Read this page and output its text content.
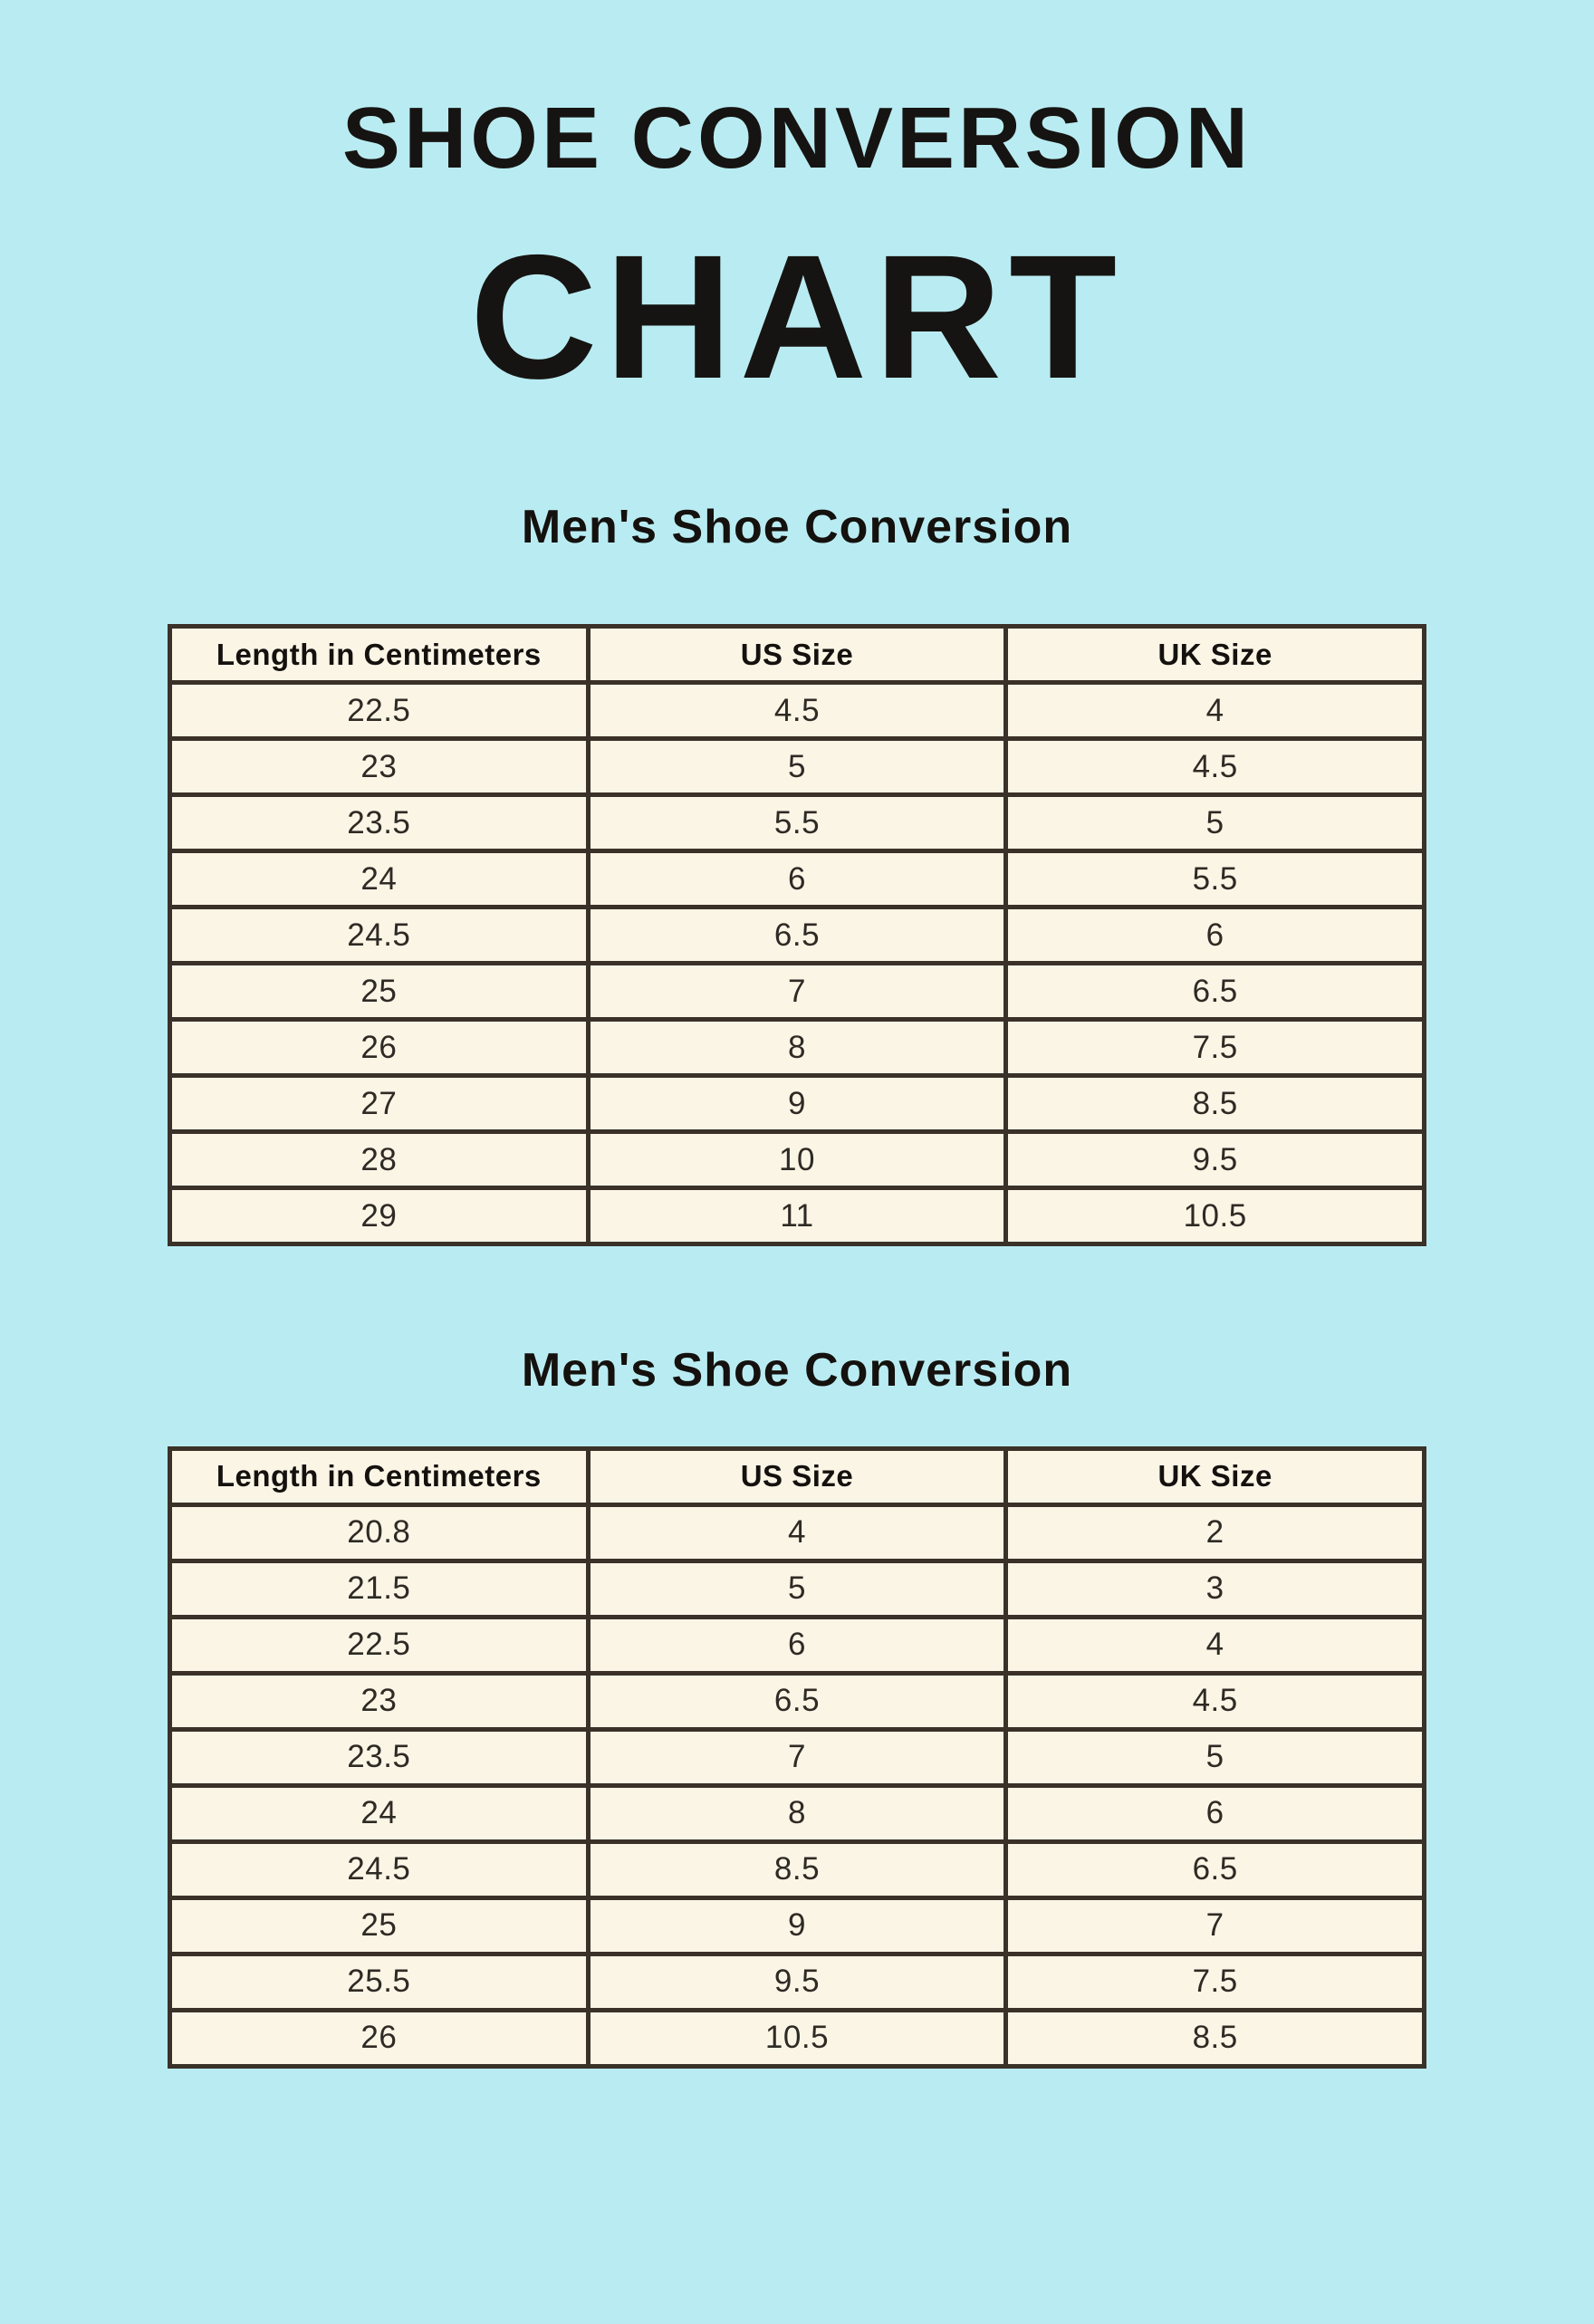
SHOE CONVERSION
CHART
Men's Shoe Conversion
Length in Centimeters	US Size	UK Size
22.5	4.5	4
23	5	4.5
23.5	5.5	5
24	6	5.5
24.5	6.5	6
25	7	6.5
26	8	7.5
27	9	8.5
28	10	9.5
29	11	10.5
Men's Shoe Conversion
Length in Centimeters	US Size	UK Size
20.8	4	2
21.5	5	3
22.5	6	4
23	6.5	4.5
23.5	7	5
24	8	6
24.5	8.5	6.5
25	9	7
25.5	9.5	7.5
26	10.5	8.5
